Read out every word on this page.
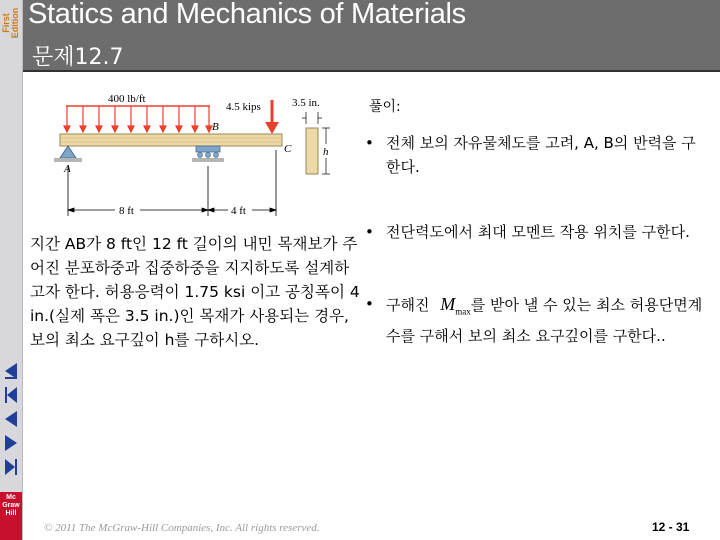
First Edition
Mc
Graw
Hill
Statics and Mechanics of Materials
문제12.7
400 lb/ft
4.5 kips
B
C
A
8 ft	4 ft
3.5 in.
h
지간 AB가 8 ft인 12 ft 길이의 내민 목재보가 주어진 분포하중과 집중하중을 지지하도록 설계하고자 한다. 허용응력이 1.75 ksi 이고 공칭폭이 4 in.(실제 폭은 3.5 in.)인 목재가 사용되는 경우, 보의 최소 요구깊이 h를 구하시오.
풀이:
• 전체 보의 자유물체도를 고려, A, B의 반력을 구한다.
• 전단력도에서 최대 모멘트 작용 위치를 구한다.
• 구해진 $M_{max}$를 받아 낼 수 있는 최소 허용단면계수를 구해서 보의 최소 요구깊이를 구한다..
© 2011 The McGraw-Hill Companies, Inc. All rights reserved.	12 - 31
